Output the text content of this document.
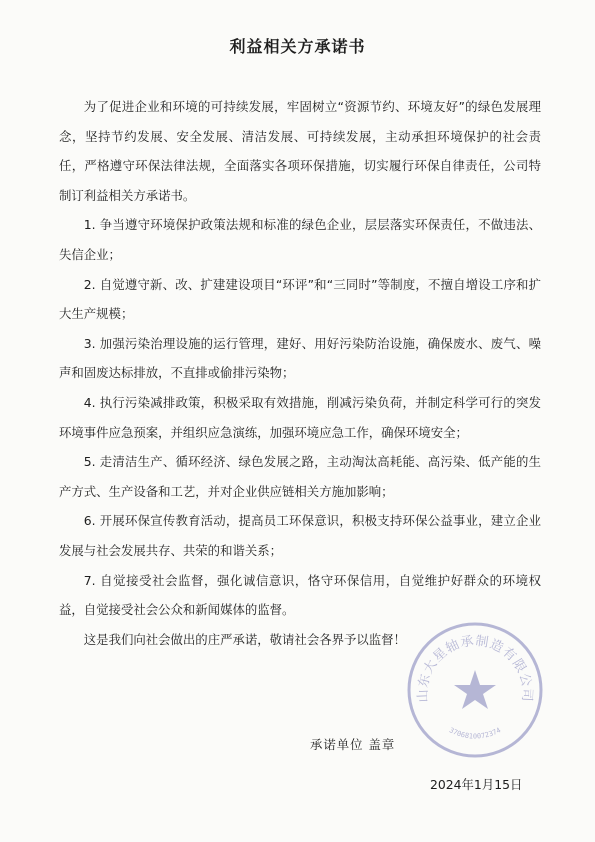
利益相关方承诺书

为了促进企业和环境的可持续发展，牢固树立“资源节约、环境友好”的绿色发展理念，坚持节约发展、安全发展、清洁发展、可持续发展，主动承担环境保护的社会责任，严格遵守环保法律法规，全面落实各项环保措施，切实履行环保自律责任，公司特制订利益相关方承诺书。

1. 争当遵守环境保护政策法规和标准的绿色企业，层层落实环保责任，不做违法、失信企业；

2. 自觉遵守新、改、扩建建设项目“环评”和“三同时”等制度，不擅自增设工序和扩大生产规模；

3. 加强污染治理设施的运行管理，建好、用好污染防治设施，确保废水、废气、噪声和固废达标排放，不直排或偷排污染物；

4. 执行污染减排政策，积极采取有效措施，削减污染负荷，并制定科学可行的突发环境事件应急预案，并组织应急演练，加强环境应急工作，确保环境安全；

5. 走清洁生产、循环经济、绿色发展之路，主动淘汰高耗能、高污染、低产能的生产方式、生产设备和工艺，并对企业供应链相关方施加影响；

6. 开展环保宣传教育活动，提高员工环保意识，积极支持环保公益事业，建立企业发展与社会发展共存、共荣的和谐关系；

7. 自觉接受社会监督，强化诚信意识，恪守环保信用，自觉维护好群众的环境权益，自觉接受社会公众和新闻媒体的监督。

这是我们向社会做出的庄严承诺，敬请社会各界予以监督！

承诺单位 盖章
2024年1月15日
山东大星轴承制造有限公司
3706810072374
